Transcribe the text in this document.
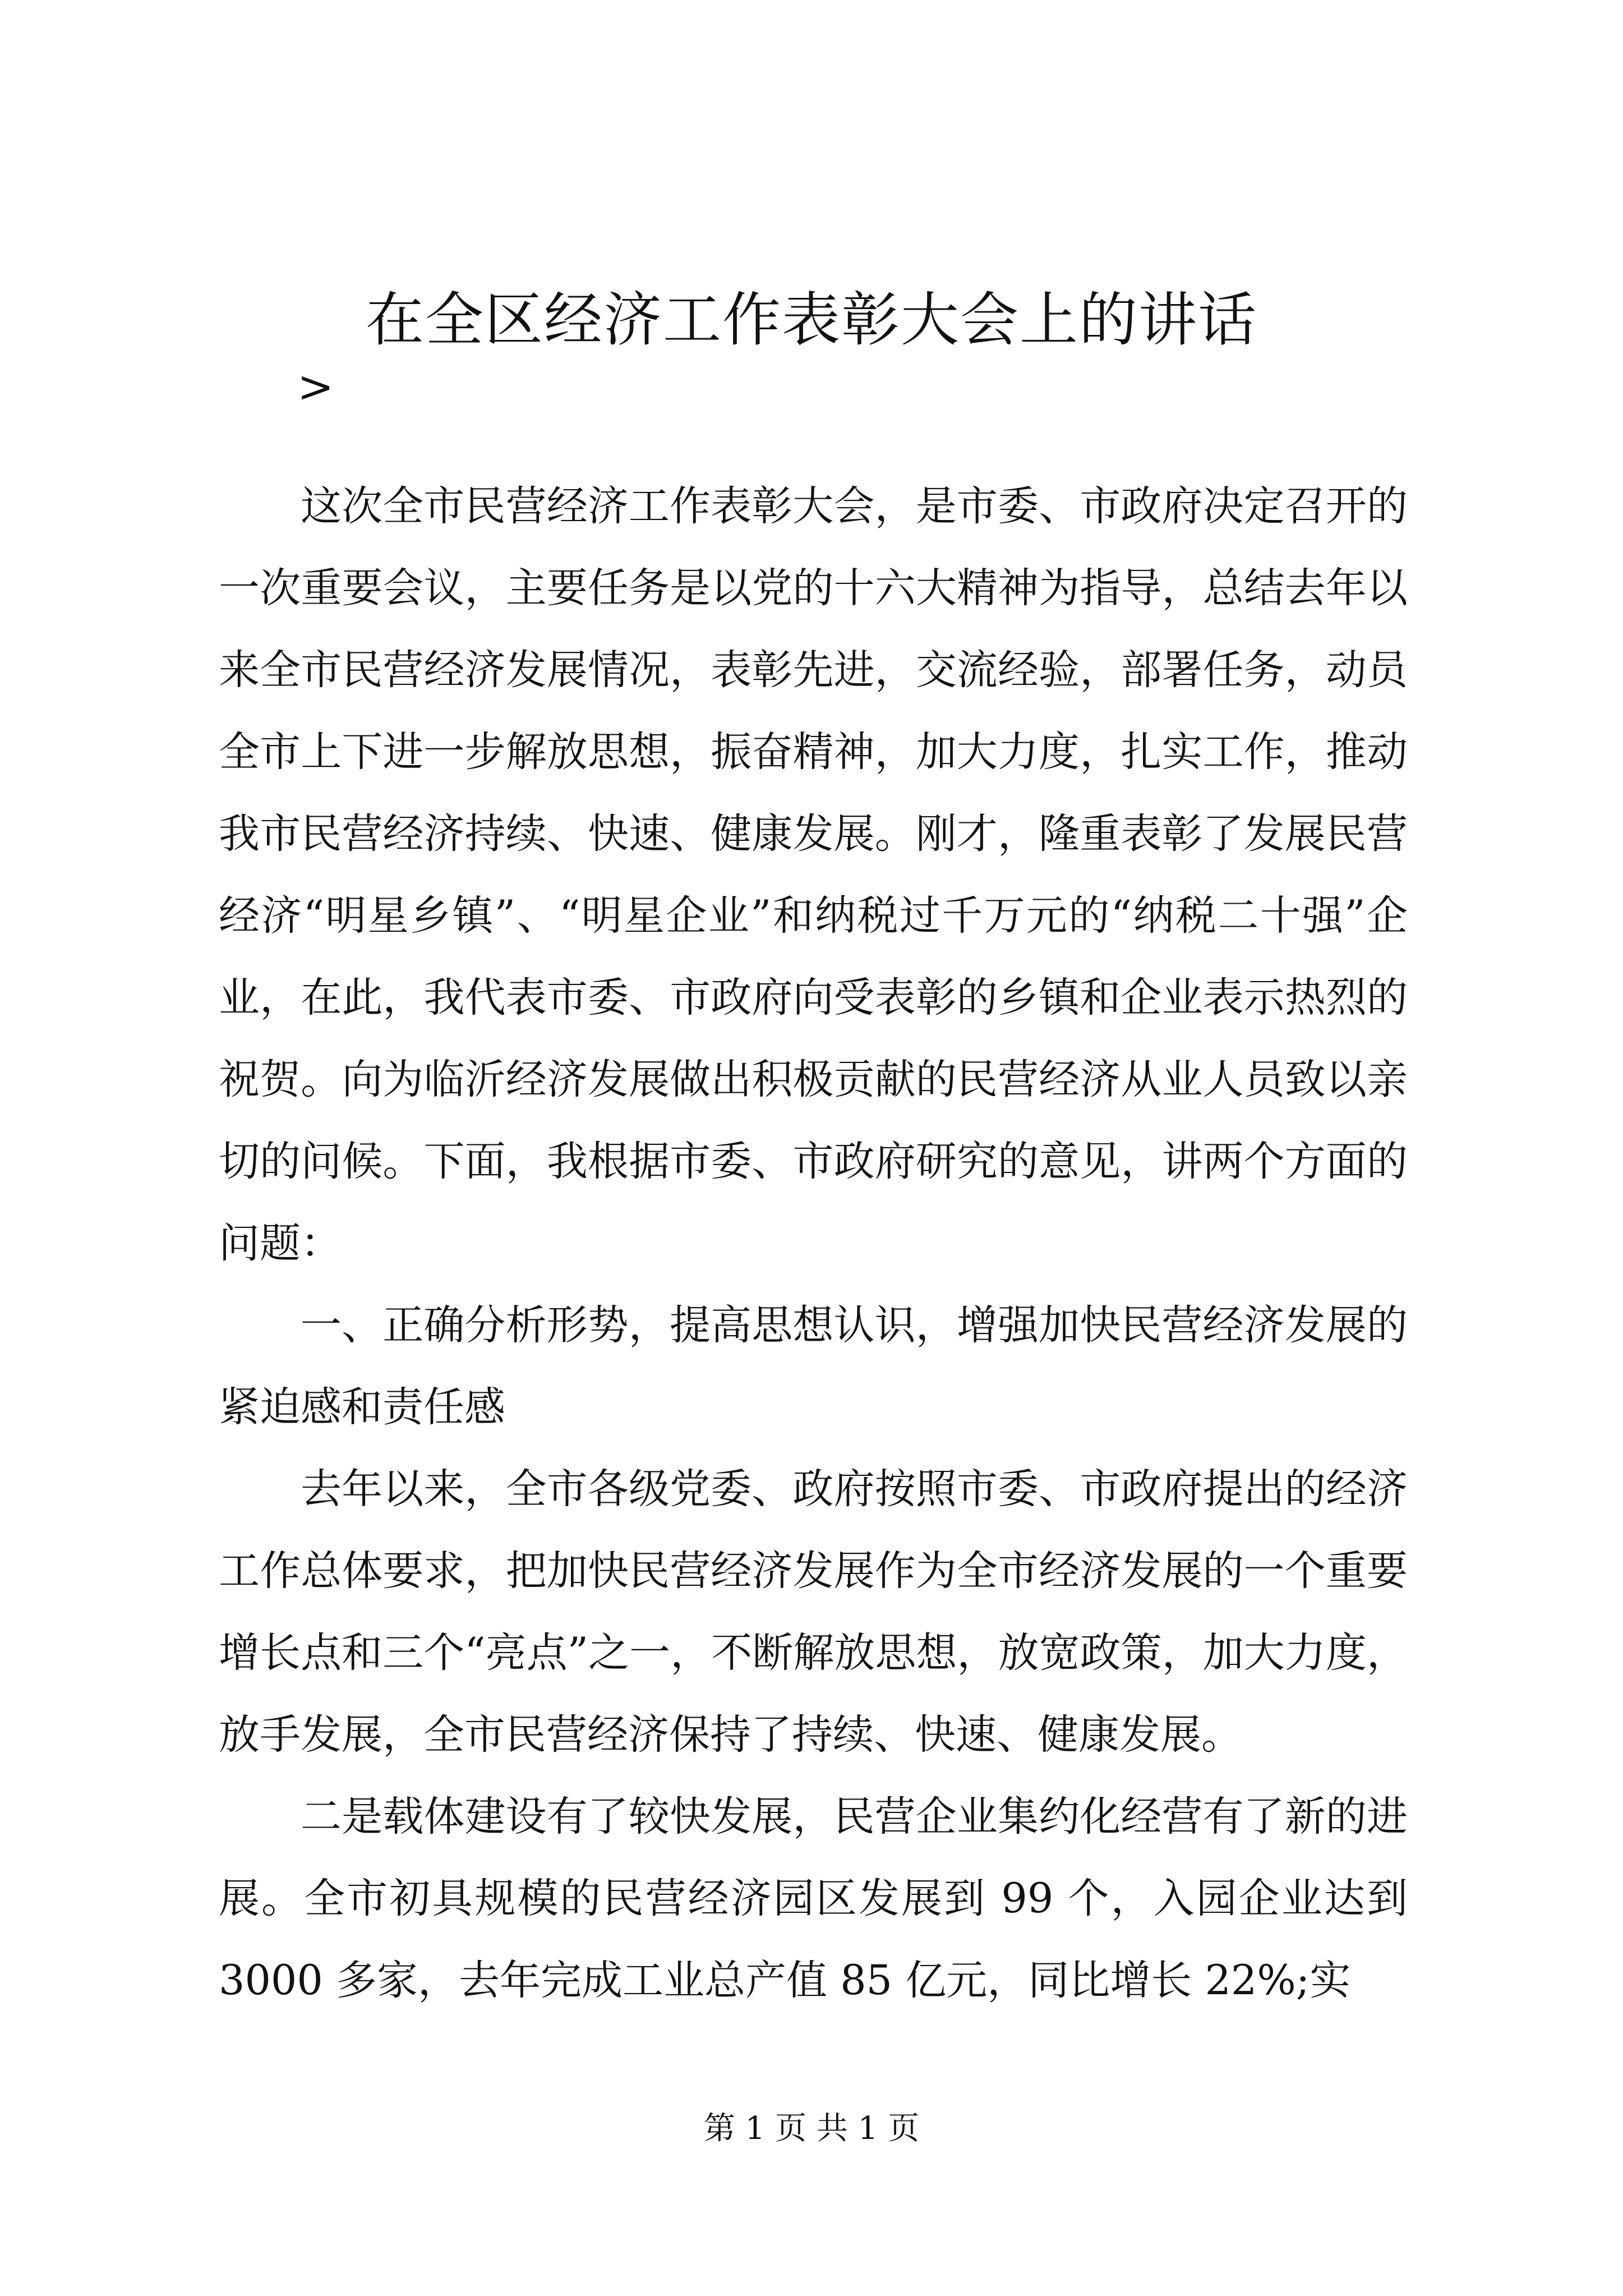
在全区经济工作表彰大会上的讲话
>

这次全市民营经济工作表彰大会，是市委、市政府决定召开的一次重要会议，主要任务是以党的十六大精神为指导，总结去年以来全市民营经济发展情况，表彰先进，交流经验，部署任务，动员全市上下进一步解放思想，振奋精神，加大力度，扎实工作，推动我市民营经济持续、快速、健康发展。刚才，隆重表彰了发展民营经济“明星乡镇”、“明星企业”和纳税过千万元的“纳税二十强”企业，在此，我代表市委、市政府向受表彰的乡镇和企业表示热烈的祝贺。向为临沂经济发展做出积极贡献的民营经济从业人员致以亲切的问候。下面，我根据市委、市政府研究的意见，讲两个方面的问题：

一、正确分析形势，提高思想认识，增强加快民营经济发展的紧迫感和责任感

去年以来，全市各级党委、政府按照市委、市政府提出的经济工作总体要求，把加快民营经济发展作为全市经济发展的一个重要增长点和三个“亮点”之一，不断解放思想，放宽政策，加大力度，放手发展，全市民营经济保持了持续、快速、健康发展。

二是载体建设有了较快发展，民营企业集约化经营有了新的进展。全市初具规模的民营经济园区发展到 99 个，入园企业达到 3000 多家，去年完成工业总产值 85 亿元，同比增长 22%;实

第 1 页 共 1 页
